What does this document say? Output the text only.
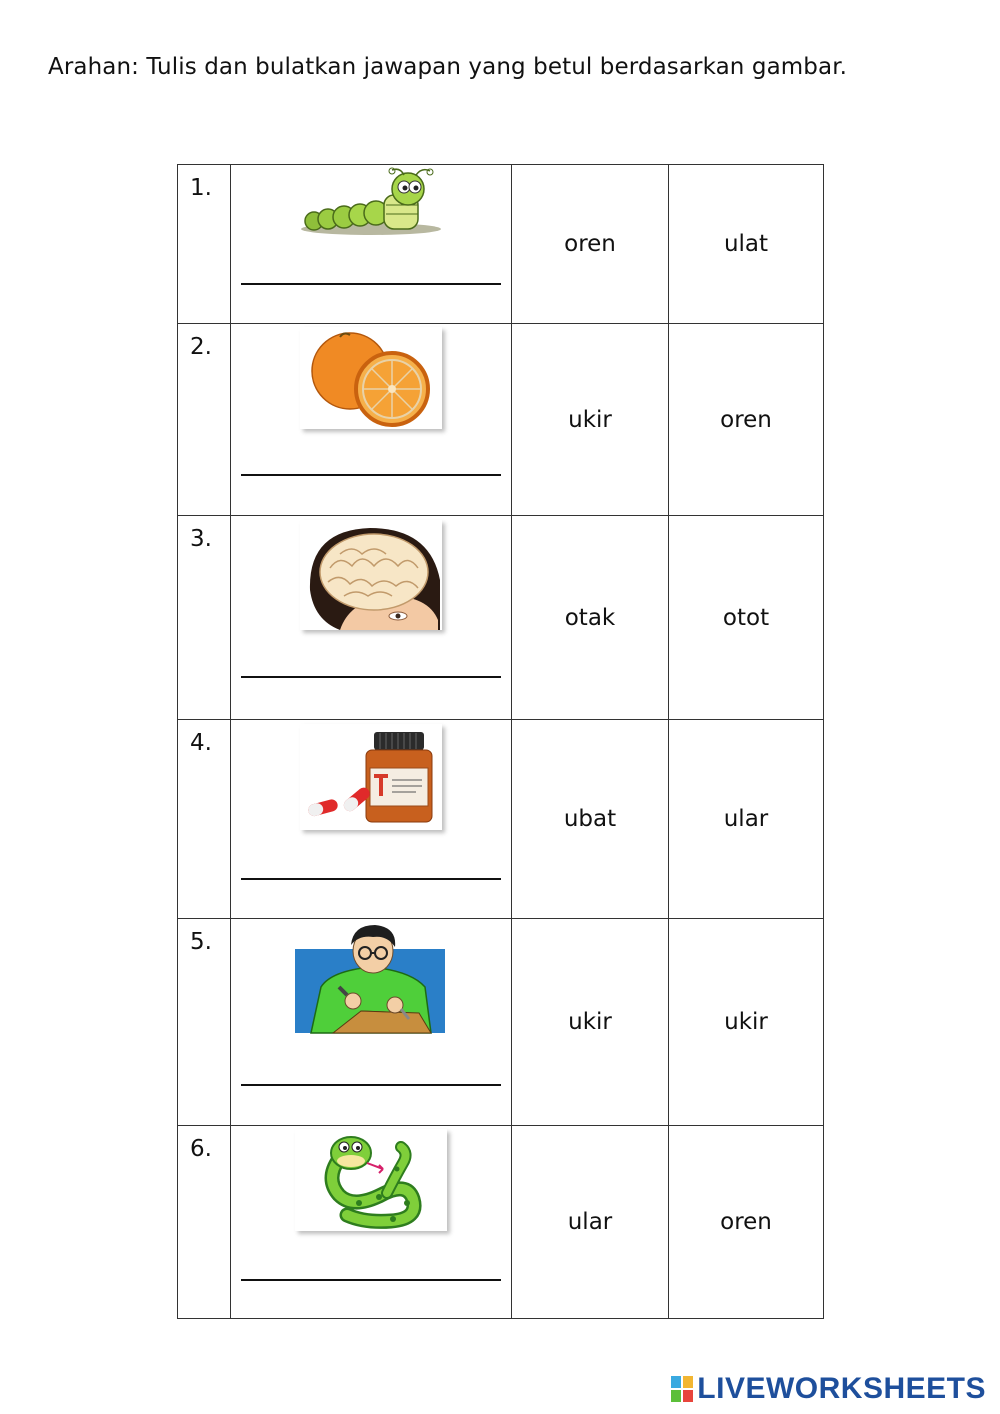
Arahan: Tulis dan bulatkan jawapan yang betul berdasarkan gambar.
1.		oren	ulat
2.		ukir	oren
3.		otak	otot
4.		ubat	ular
5.		ukir	ukir
6.		ular	oren
LIVEWORKSHEETS
